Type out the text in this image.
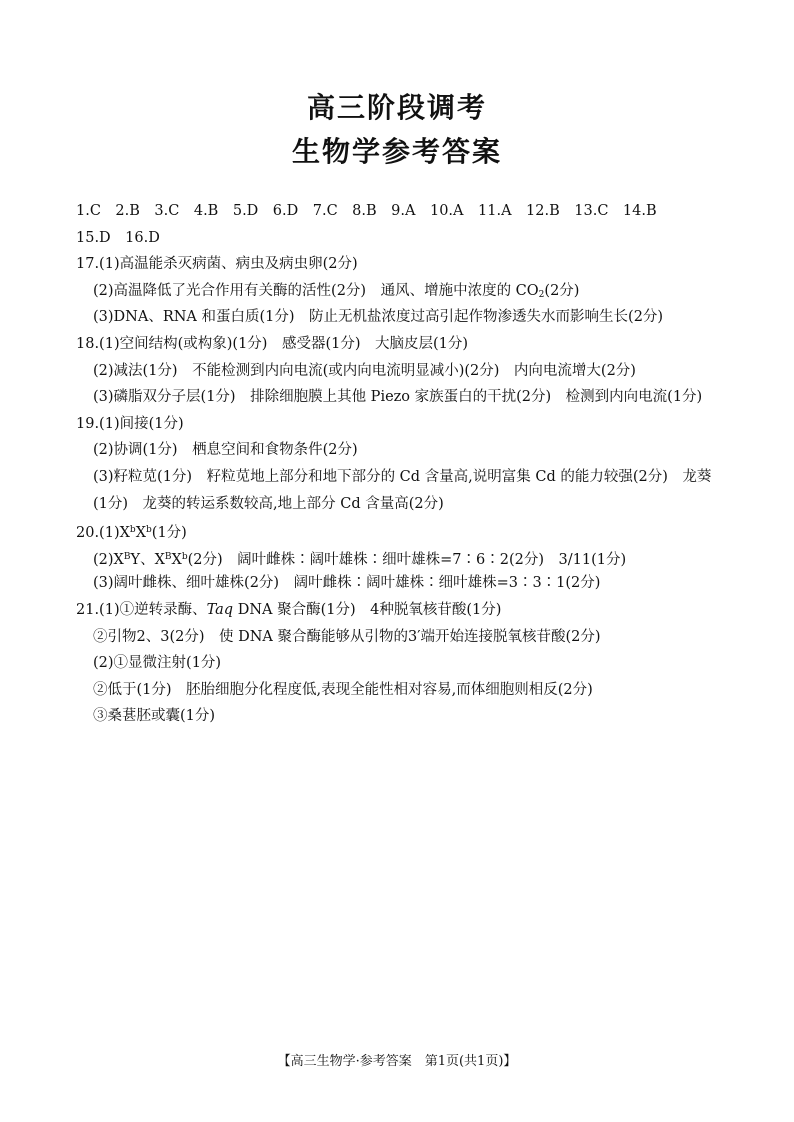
高三阶段调考
生物学参考答案
1.C　2.B　3.C　4.B　5.D　6.D　7.C　8.B　9.A　10.A　11.A　12.B　13.C　14.B
15.D　16.D
17.(1)高温能杀灭病菌、病虫及病虫卵(2分)
(2)高温降低了光合作用有关酶的活性(2分)　通风、增施中浓度的 $CO_2(2$分)
(3)DNA、RNA 和蛋白质(1分)　防止无机盐浓度过高引起作物渗透失水而影响生长(2分)
18.(1)空间结构(或构象)(1分)　感受器(1分)　大脑皮层(1分)
(2)减法(1分)　不能检测到内向电流(或内向电流明显减小)(2分)　内向电流增大(2分)
(3)磷脂双分子层(1分)　排除细胞膜上其他 Piezo 家族蛋白的干扰(2分)　检测到内向电流(1分)
19.(1)间接(1分)
(2)协调(1分)　栖息空间和食物条件(2分)
(3)籽粒苋(1分)　籽粒苋地上部分和地下部分的 Cd 含量高,说明富集 Cd 的能力较强(2分)　龙葵(1分)　龙葵的转运系数较高,地上部分 Cd 含量高(2分)
$20.(1)X^bX^b(1$分)
$(2)X^BY$、$X^BX^b(2$分)　阔叶雌株∶阔叶雄株∶细叶雄株=7∶6∶2(2分)　3/11(1分)
(3)阔叶雌株、细叶雄株(2分)　阔叶雌株∶阔叶雄株∶细叶雄株=3∶3∶1(2分)
21.(1)①逆转录酶、Taq DNA 聚合酶(1分)　4种脱氧核苷酸(1分)
②引物2、3(2分)　使 DNA 聚合酶能够从引物的3′端开始连接脱氧核苷酸(2分)
(2)①显微注射(1分)
②低于(1分)　胚胎细胞分化程度低,表现全能性相对容易,而体细胞则相反(2分)
③桑葚胚或囊(1分)
【高三生物学·参考答案　第1页(共1页)】
